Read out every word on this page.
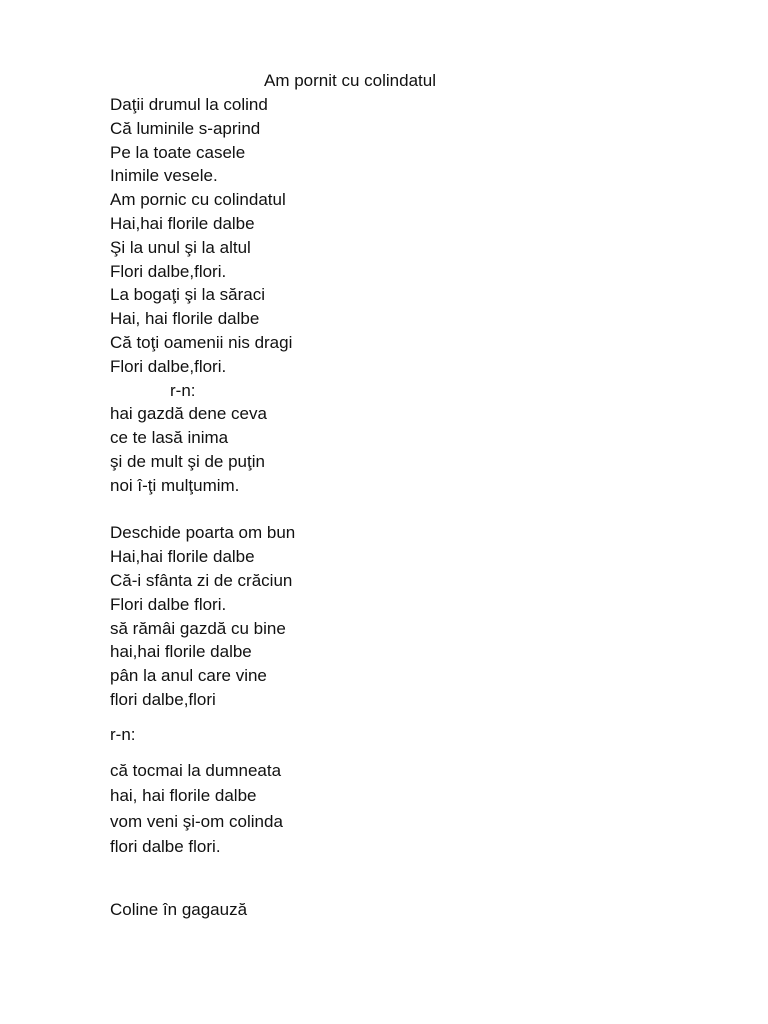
Am pornit cu colindatul
Daţii drumul la colind
Că luminile s-aprind
Pe la toate casele
Inimile vesele.
Am pornic cu colindatul
Hai,hai florile dalbe
Şi la unul şi la altul
Flori dalbe,flori.
La bogaţi şi la săraci
Hai, hai florile dalbe
Că toţi oamenii nis dragi
Flori dalbe,flori.
r-n:
hai gazdă dene ceva
ce te lasă inima
şi de mult şi de puţin
noi î-ţi mulţumim.
Deschide poarta om bun
Hai,hai florile dalbe
Că-i sfânta zi de crăciun
Flori dalbe flori.
să rămâi gazdă cu bine
hai,hai florile dalbe
pân la anul care vine
flori dalbe,flori
r-n:
că tocmai la dumneata
hai, hai florile dalbe
vom veni şi-om colinda
flori dalbe flori.
Coline în gagauză
